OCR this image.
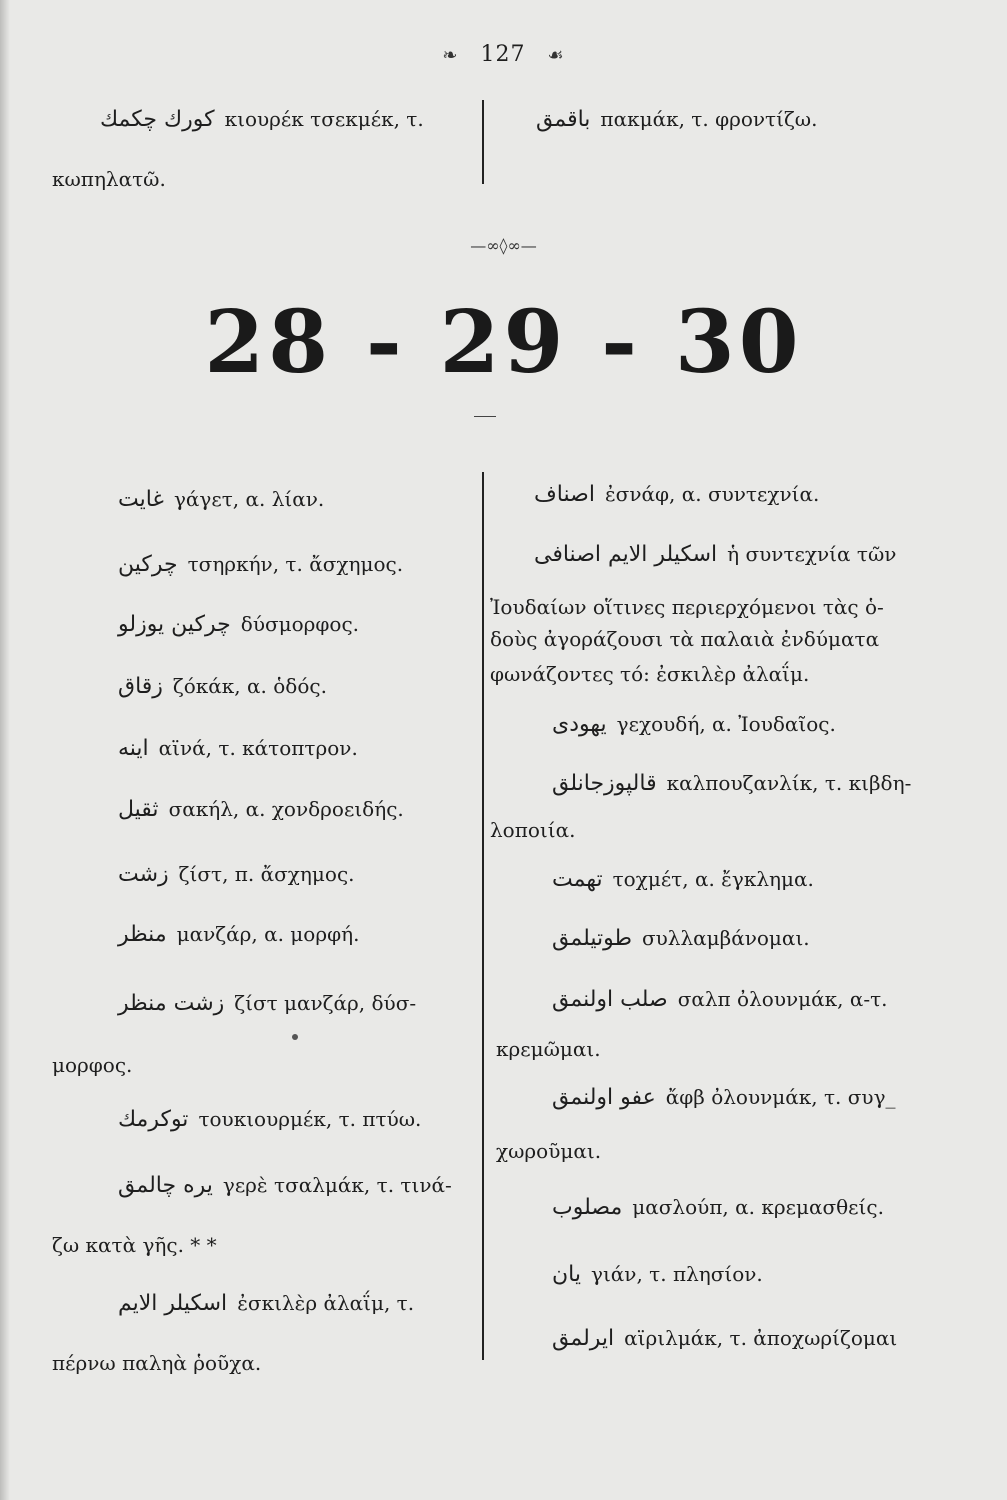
❧ 127 ☙
كورك چكمك κιουρέκ τσεκμέκ, τ.
κωπηλατῶ.
باقمق πακμάκ, τ. φροντίζω.
—∞◊∞—
28 - 29 - 30
غايت γάγετ, α. λίαν.
چركين τσηρκήν, τ. ἄσχημος.
چركين يوزلو δύσμορφος.
زقاق ζόκάκ, α. ὁδός.
اينه αϊνά, τ. κάτοπτρον.
ثقيل σακήλ, α. χονδροειδής.
زشت ζίστ, π. ἄσχημος.
منظر μανζάρ, α. μορφή.
زشت منظر ζίστ μανζάρ, δύσ-
μορφος.
توكرمك τουκιουρμέκ, τ. πτύω.
يره چالمق γερὲ τσαλμάκ, τ. τινά-
ζω κατὰ γῆς. * *
اسكيلر الايم ἐσκιλὲρ ἀλαΐμ, τ.
πέρνω παληὰ ῥοῦχα.
اصناف ἐσνάφ, α. συντεχνία.
اسكيلر الايم اصنافى ἡ συντεχνία τῶν
Ἰουδαίων οἵτινες περιερχόμενοι τὰς ὁ-
δοὺς ἀγοράζουσι τὰ παλαιὰ ἐνδύματα
φωνάζοντες τό: ἐσκιλὲρ ἀλαΐμ.
يهودى γεχουδή, α. Ἰουδαῖος.
قالپوزجانلق καλπουζανλίκ, τ. κιβδη-
λοποιία.
تهمت τοχμέτ, α. ἔγκλημα.
طوتيلمق συλλαμβάνομαι.
صلب اولنمق σαλπ ὀλουνμάκ, α-τ.
κρεμῶμαι.
عفو اولنمق ἄφβ ὀλουνμάκ, τ. συγ_
χωροῦμαι.
مصلوب μασλούπ, α. κρεμασθείς.
يان γιάν, τ. πλησίον.
ايرلمق αϊριλμάκ, τ. ἀποχωρίζομαι
